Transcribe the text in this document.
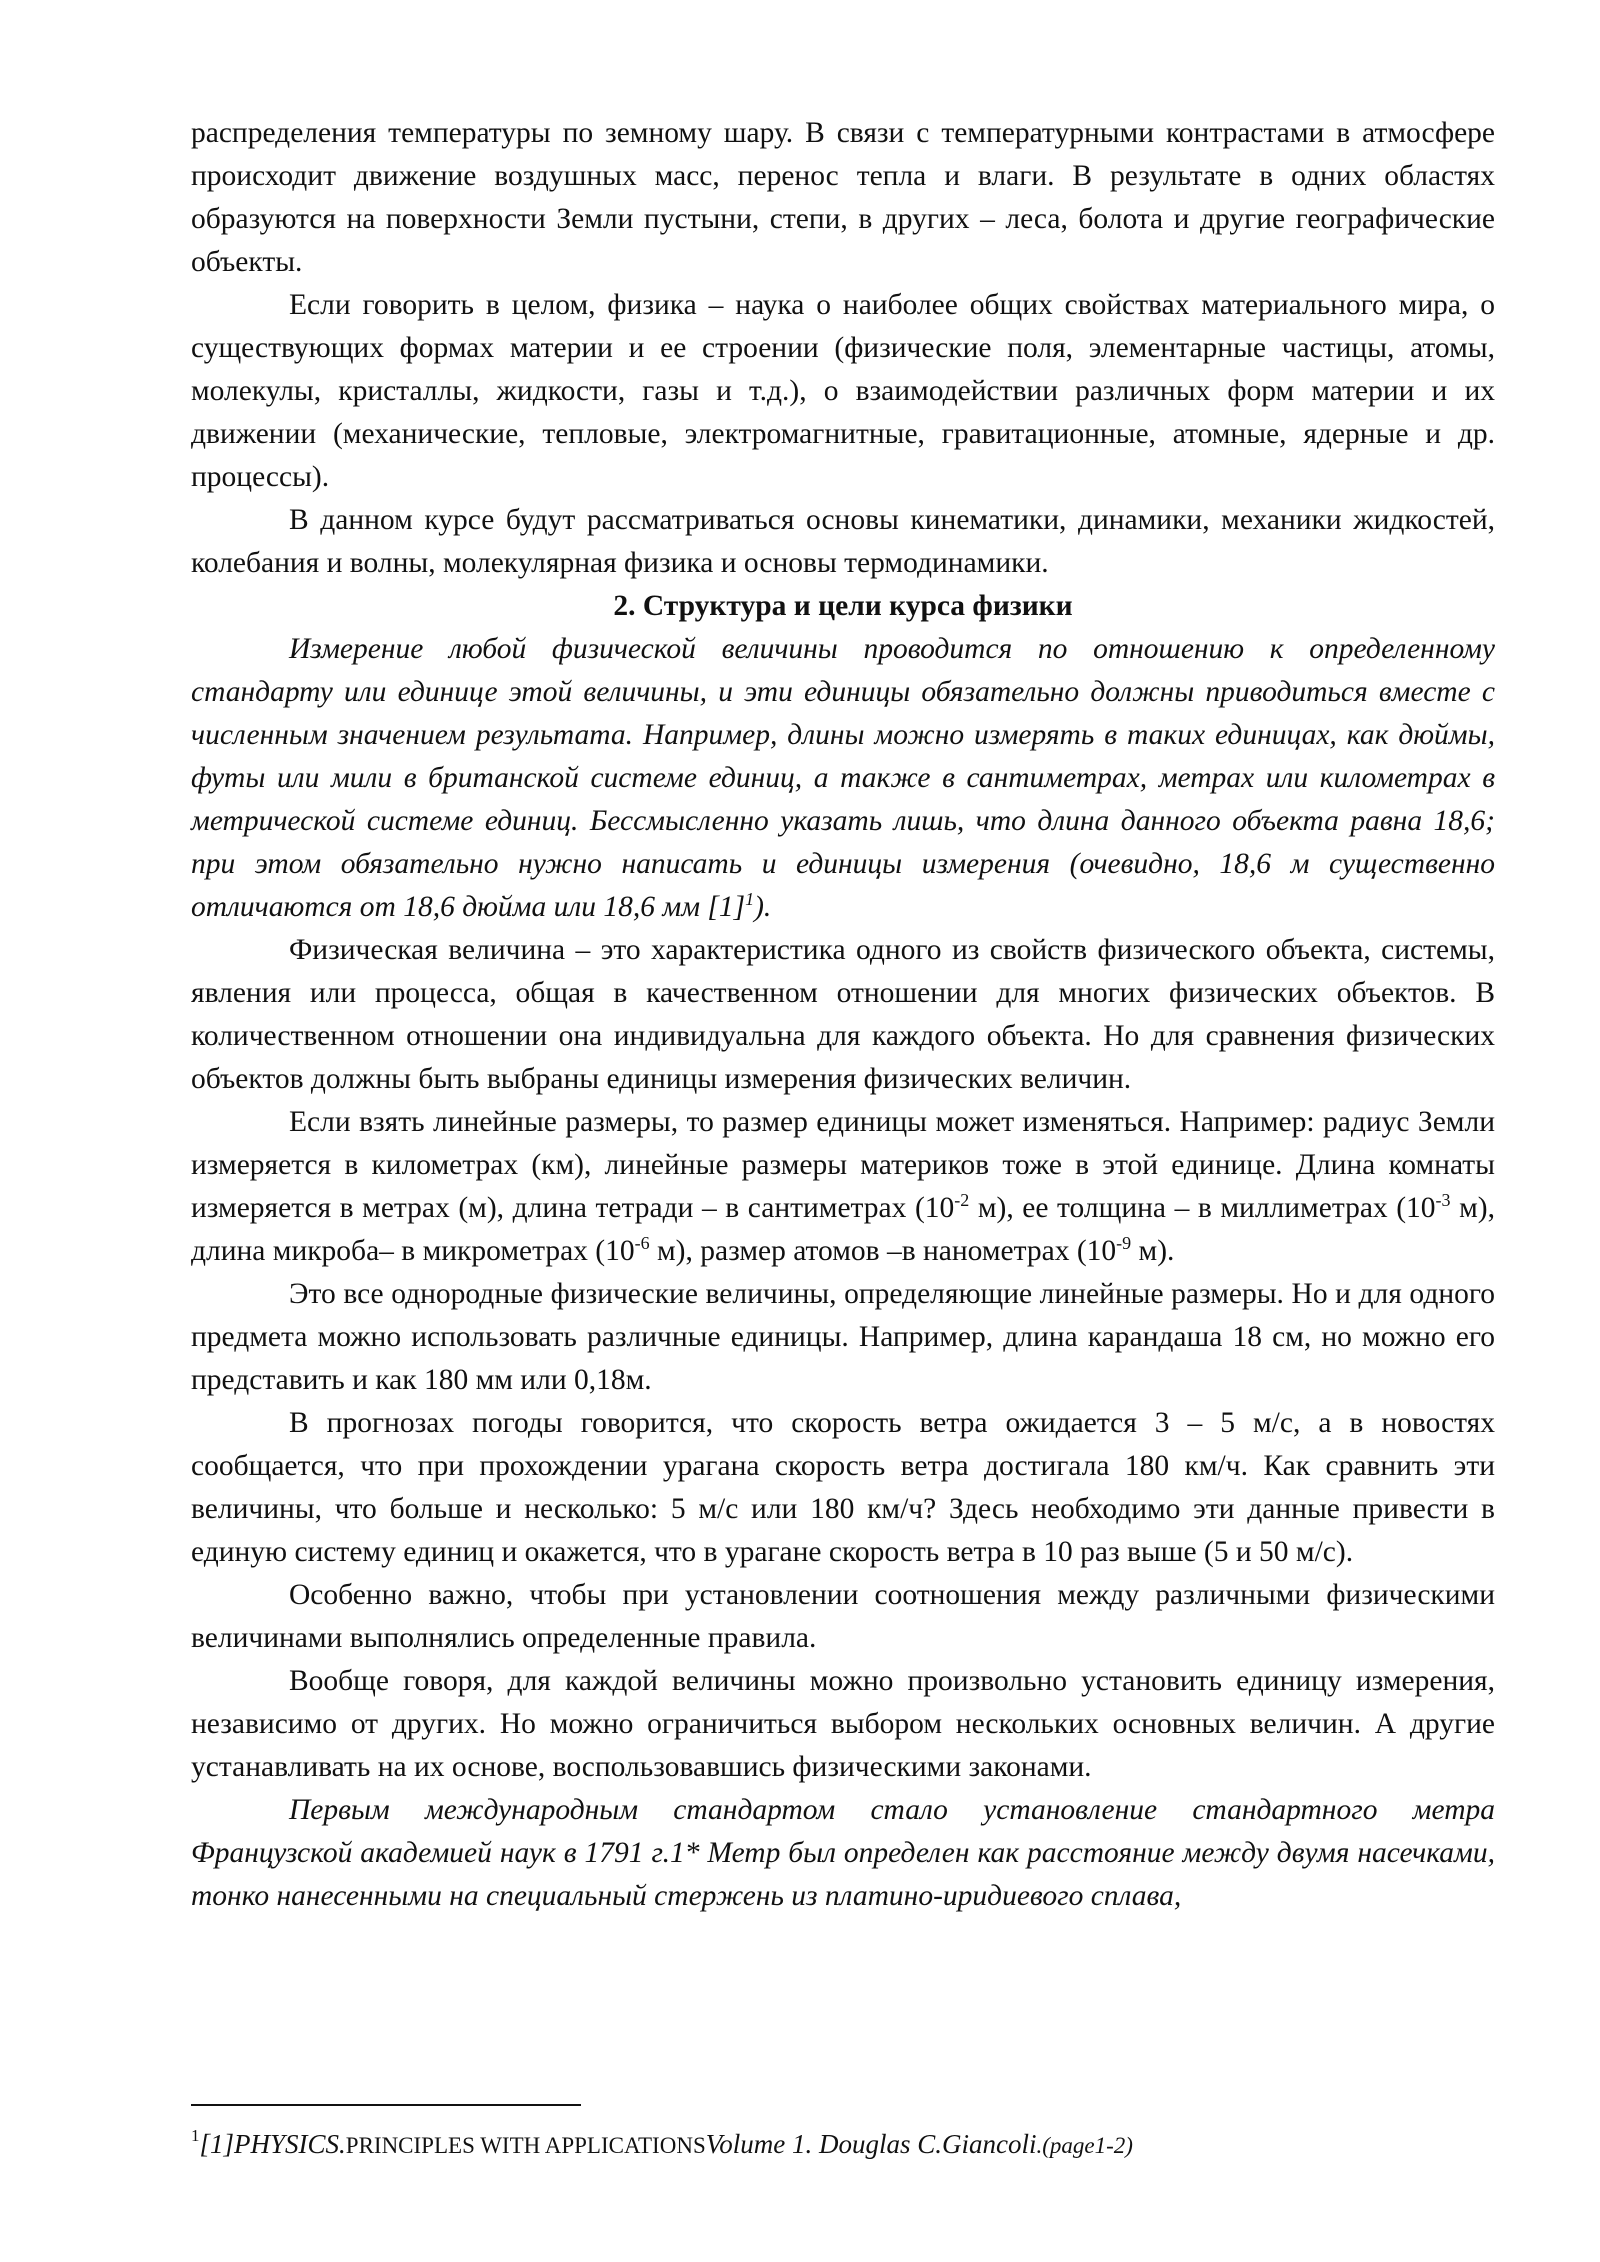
распределения температуры по земному шару. В связи с температурными контрастами в атмосфере происходит движение воздушных масс, перенос тепла и влаги. В результате в одних областях образуются на поверхности Земли пустыни, степи, в других – леса, болота и другие географические объекты.

Если говорить в целом, физика – наука о наиболее общих свойствах материального мира, о существующих формах материи и ее строении (физические поля, элементарные частицы, атомы, молекулы, кристаллы, жидкости, газы и т.д.), о взаимодействии различных форм материи и их движении (механические, тепловые, электромагнитные, гравитационные, атомные, ядерные и др. процессы).

В данном курсе будут рассматриваться основы кинематики, динамики, механики жидкостей, колебания и волны, молекулярная физика и основы термодинамики.

2. Структура и цели курса физики

Измерение любой физической величины проводится по отношению к определенному стандарту или единице этой величины, и эти единицы обязательно должны приводиться вместе с численным значением результата. Например, длины можно измерять в таких единицах, как дюймы, футы или мили в британской системе единиц, а также в сантиметрах, метрах или километрах в метрической системе единиц. Бессмысленно указать лишь, что длина данного объекта равна 18,6; при этом обязательно нужно написать и единицы измерения (очевидно, 18,6 м существенно отличаются от 18,6 дюйма или 18,6 мм $[1]^1$).

Физическая величина – это характеристика одного из свойств физического объекта, системы, явления или процесса, общая в качественном отношении для многих физических объектов. В количественном отношении она индивидуальна для каждого объекта. Но для сравнения физических объектов должны быть выбраны единицы измерения физических величин.

Если взять линейные размеры, то размер единицы может изменяться. Например: радиус Земли измеряется в километрах (км), линейные размеры материков тоже в этой единице. Длина комнаты измеряется в метрах (м), длина тетради – в сантиметрах ($10^{-2}$ м), ее толщина – в миллиметрах ($10^{-3}$ м), длина микроба– в микрометрах ($10^{-6}$ м), размер атомов –в нанометрах ($10^{-9}$ м).

Это все однородные физические величины, определяющие линейные размеры. Но и для одного предмета можно использовать различные единицы. Например, длина карандаша 18 см, но можно его представить и как 180 мм или 0,18м.

В прогнозах погоды говорится, что скорость ветра ожидается 3 – 5 м/с, а в новостях сообщается, что при прохождении урагана скорость ветра достигала 180 км/ч. Как сравнить эти величины, что больше и несколько: 5 м/с или 180 км/ч? Здесь необходимо эти данные привести в единую систему единиц и окажется, что в урагане скорость ветра в 10 раз выше (5 и 50 м/с).

Особенно важно, чтобы при установлении соотношения между различными физическими величинами выполнялись определенные правила.

Вообще говоря, для каждой величины можно произвольно установить единицу измерения, независимо от других. Но можно ограничиться выбором нескольких основных величин. А другие устанавливать на их основе, воспользовавшись физическими законами.

Первым международным стандартом стало установление стандартного метра Французской академией наук в 1791 г.1* Метр был определен как расстояние между двумя насечками, тонко нанесенными на специальный стержень из платино-иридиевого сплава,

$^1$[1]PHYSICS.PRINCIPLES WITH APPLICATIONSVolume 1. Douglas C.Giancoli.(page1-2)
